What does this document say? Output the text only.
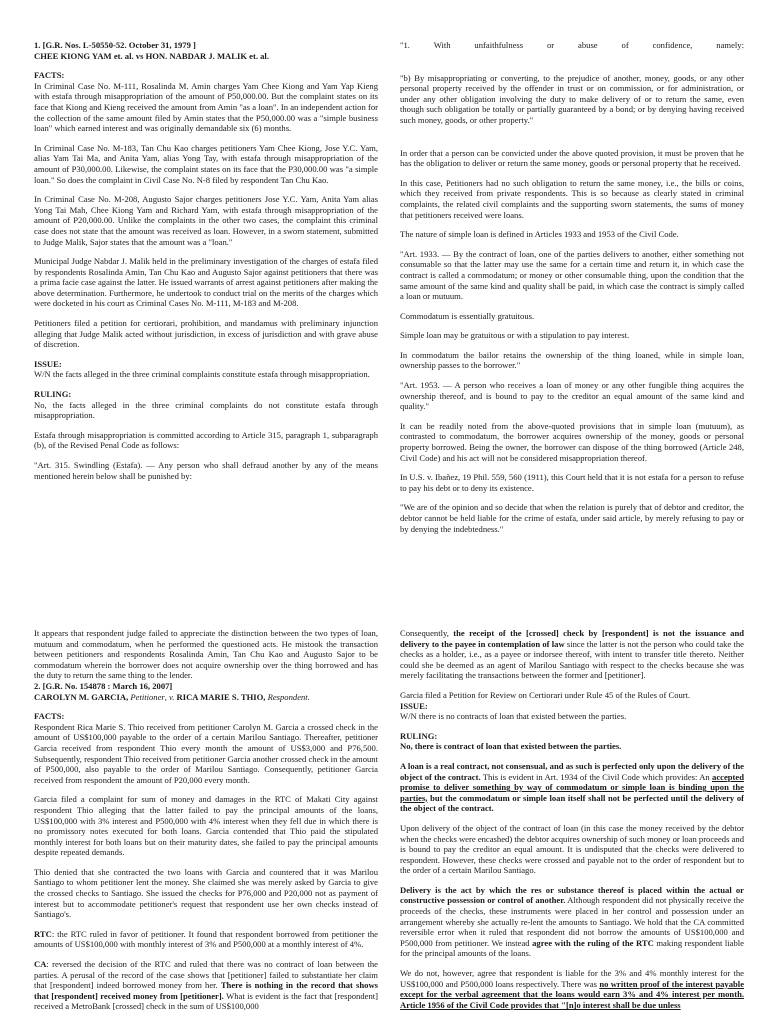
1. [G.R. Nos. L-50550-52. October 31, 1979 ]

CHEE KIONG YAM et. al. vs HON. NABDAR J. MALIK et. al.

FACTS:

In Criminal Case No. M-111, Rosalinda M. Amin charges Yam Chee Kiong and Yam Yap Kieng with estafa through misappropriation of the amount of P50,000.00. But the complaint states on its face that Kiong and Kieng received the amount from Amin "as a loan". In an independent action for the collection of the same amount filed by Amin states that the P50,000.00 was a "simple business loan" which earned interest and was originally demandable six (6) months.

In Criminal Case No. M-183, Tan Chu Kao charges petitioners Yam Chee Kiong, Jose Y.C. Yam, alias Yam Tai Ma, and Anita Yam, alias Yong Tay, with estafa through misappropriation of the amount of P30,000.00. Likewise, the complaint states on its face that the P30,000.00 was "a simple loan." So does the complaint in Civil Case No. N-8 filed by respondent Tan Chu Kao.

In Criminal Case No. M-208, Augusto Sajor charges petitioners Jose Y.C. Yam, Anita Yam alias Yong Tai Mah, Chee Kiong Yam and Richard Yam, with estafa through misappropriation of the amount of P20,000.00. Unlike the complaints in the other two cases, the complaint this criminal case does not state that the amount was received as loan. However, in a sworn statement, submitted to Judge Malik, Sajor states that the amount was a "loan."

Municipal Judge Nabdar J. Malik held in the preliminary investigation of the charges of estafa filed by respondents Rosalinda Amin, Tan Chu Kao and Augusto Sajor against petitioners that there was a prima facie case against the latter. He issued warrants of arrest against petitioners after making the above determination. Furthermore, he undertook to conduct trial on the merits of the charges which were docketed in his court as Criminal Cases No. M-111, M-183 and M-208.

Petitioners filed a petition for certiorari, prohibition, and mandamus with preliminary injunction alleging that Judge Malik acted without jurisdiction, in excess of jurisdiction and with grave abuse of discretion.

ISSUE:

W/N the facts alleged in the three criminal complaints constitute estafa through misappropriation.

RULING:

No, the facts alleged in the three criminal complaints do not constitute estafa through misappropriation.

Estafa through misappropriation is committed according to Article 315, paragraph 1, subparagraph (b), of the Revised Penal Code as follows:

"Art. 315. Swindling (Estafa). — Any person who shall defraud another by any of the means mentioned herein below shall be punished by:

"1. With unfaithfulness or abuse of confidence, namely:

"b) By misappropriating or converting, to the prejudice of another, money, goods, or any other personal property received by the offender in trust or on commission, or for administration, or under any other obligation involving the duty to make delivery of or to return the same, even though such obligation be totally or partially guaranteed by a bond; or by denying having received such money, goods, or other property."

In order that a person can be convicted under the above quoted provision, it must be proven that he has the obligation to deliver or return the same money, goods or personal property that he received.

In this case, Petitioners had no such obligation to return the same money, i.e., the bills or coins, which they received from private respondents. This is so because as clearly stated in criminal complaints, the related civil complaints and the supporting sworn statements, the sums of money that petitioners received were loans.

The nature of simple loan is defined in Articles 1933 and 1953 of the Civil Code.

"Art. 1933. — By the contract of loan, one of the parties delivers to another, either something not consumable so that the latter may use the same for a certain time and return it, in which case the contract is called a commodatum; or money or other consumable thing, upon the condition that the same amount of the same kind and quality shall be paid, in which case the contract is simply called a loan or mutuum.

Commodatum is essentially gratuitous.

Simple loan may be gratuitous or with a stipulation to pay interest.

In commodatum the bailor retains the ownership of the thing loaned, while in simple loan, ownership passes to the borrower."

"Art. 1953. — A person who receives a loan of money or any other fungible thing acquires the ownership thereof, and is bound to pay to the creditor an equal amount of the same kind and quality."

It can be readily noted from the above-quoted provisions that in simple loan (mutuum), as contrasted to commodatum, the borrower acquires ownership of the money, goods or personal property borrowed. Being the owner, the borrower can dispose of the thing borrowed (Article 248, Civil Code) and his act will not be considered misappropriation thereof.

In U.S. v. Ibañez, 19 Phil. 559, 560 (1911), this Court held that it is not estafa for a person to refuse to pay his debt or to deny its existence.

"We are of the opinion and so decide that when the relation is purely that of debtor and creditor, the debtor cannot be held liable for the crime of estafa, under said article, by merely refusing to pay or by denying the indebtedness."

It appears that respondent judge failed to appreciate the distinction between the two types of loan, mutuum and commodatum, when he performed the questioned acts. He mistook the transaction between petitioners and respondents Rosalinda Amin, Tan Chu Kao and Augusto Sajor to be commodatum wherein the borrower does not acquire ownership over the thing borrowed and has the duty to return the same thing to the lender.

2. [G.R. No. 154878 : March 16, 2007]

CAROLYN M. GARCIA, Petitioner, v. RICA MARIE S. THIO, Respondent.

FACTS:

Respondent Rica Marie S. Thio received from petitioner Carolyn M. Garcia a crossed check in the amount of US$100,000 payable to the order of a certain Marilou Santiago. Thereafter, petitioner Garcia received from respondent Thio every month the amount of US$3,000 and P76,500. Subsequently, respondent Thio received from petitioner Garcia another crossed check in the amount of P500,000, also payable to the order of Marilou Santiago. Consequently, petitioner Garcia received from respondent the amount of P20,000 every month.

Garcia filed a complaint for sum of money and damages in the RTC of Makati City against respondent Thio alleging that the latter failed to pay the principal amounts of the loans, US$100,000 with 3% interest and P500,000 with 4% interest when they fell due in which there is no promissory notes executed for both loans. Garcia contended that Thio paid the stipulated monthly interest for both loans but on their maturity dates, she failed to pay the principal amounts despite repeated demands.

Thio denied that she contracted the two loans with Garcia and countered that it was Marilou Santiago to whom petitioner lent the money. She claimed she was merely asked by Garcia to give the crossed checks to Santiago. She issued the checks for P76,000 and P20,000 not as payment of interest but to accommodate petitioner's request that respondent use her own checks instead of Santiago's.

RTC: the RTC ruled in favor of petitioner. It found that respondent borrowed from petitioner the amounts of US$100,000 with monthly interest of 3% and P500,000 at a monthly interest of 4%.

CA: reversed the decision of the RTC and ruled that there was no contract of loan between the parties. A perusal of the record of the case shows that [petitioner] failed to substantiate her claim that [respondent] indeed borrowed money from her. There is nothing in the record that shows that [respondent] received money from [petitioner]. What is evident is the fact that [respondent] received a MetroBank [crossed] check in the sum of US$100,000

Consequently, the receipt of the [crossed] check by [respondent] is not the issuance and delivery to the payee in contemplation of law since the latter is not the person who could take the checks as a holder, i.e., as a payee or indorsee thereof, with intent to transfer title thereto. Neither could she be deemed as an agent of Marilou Santiago with respect to the checks because she was merely facilitating the transactions between the former and [petitioner].

Garcia filed a Petition for Review on Certiorari under Rule 45 of the Rules of Court.

ISSUE:

W/N there is no contracts of loan that existed between the parties.

RULING:

No, there is contract of loan that existed between the parties.

A loan is a real contract, not consensual, and as such is perfected only upon the delivery of the object of the contract. This is evident in Art. 1934 of the Civil Code which provides: An accepted promise to deliver something by way of commodatum or simple loan is binding upon the parties, but the commodatum or simple loan itself shall not be perfected until the delivery of the object of the contract.

Upon delivery of the object of the contract of loan (in this case the money received by the debtor when the checks were encashed) the debtor acquires ownership of such money or loan proceeds and is bound to pay the creditor an equal amount. It is undisputed that the checks were delivered to respondent. However, these checks were crossed and payable not to the order of respondent but to the order of a certain Marilou Santiago.

Delivery is the act by which the res or substance thereof is placed within the actual or constructive possession or control of another. Although respondent did not physically receive the proceeds of the checks, these instruments were placed in her control and possession under an arrangement whereby she actually re-lent the amounts to Santiago. We hold that the CA committed reversible error when it ruled that respondent did not borrow the amounts of US$100,000 and P500,000 from petitioner. We instead agree with the ruling of the RTC making respondent liable for the principal amounts of the loans.

We do not, however, agree that respondent is liable for the 3% and 4% monthly interest for the US$100,000 and P500,000 loans respectively. There was no written proof of the interest payable except for the verbal agreement that the loans would earn 3% and 4% interest per month. Article 1956 of the Civil Code provides that "[n]o interest shall be due unless
